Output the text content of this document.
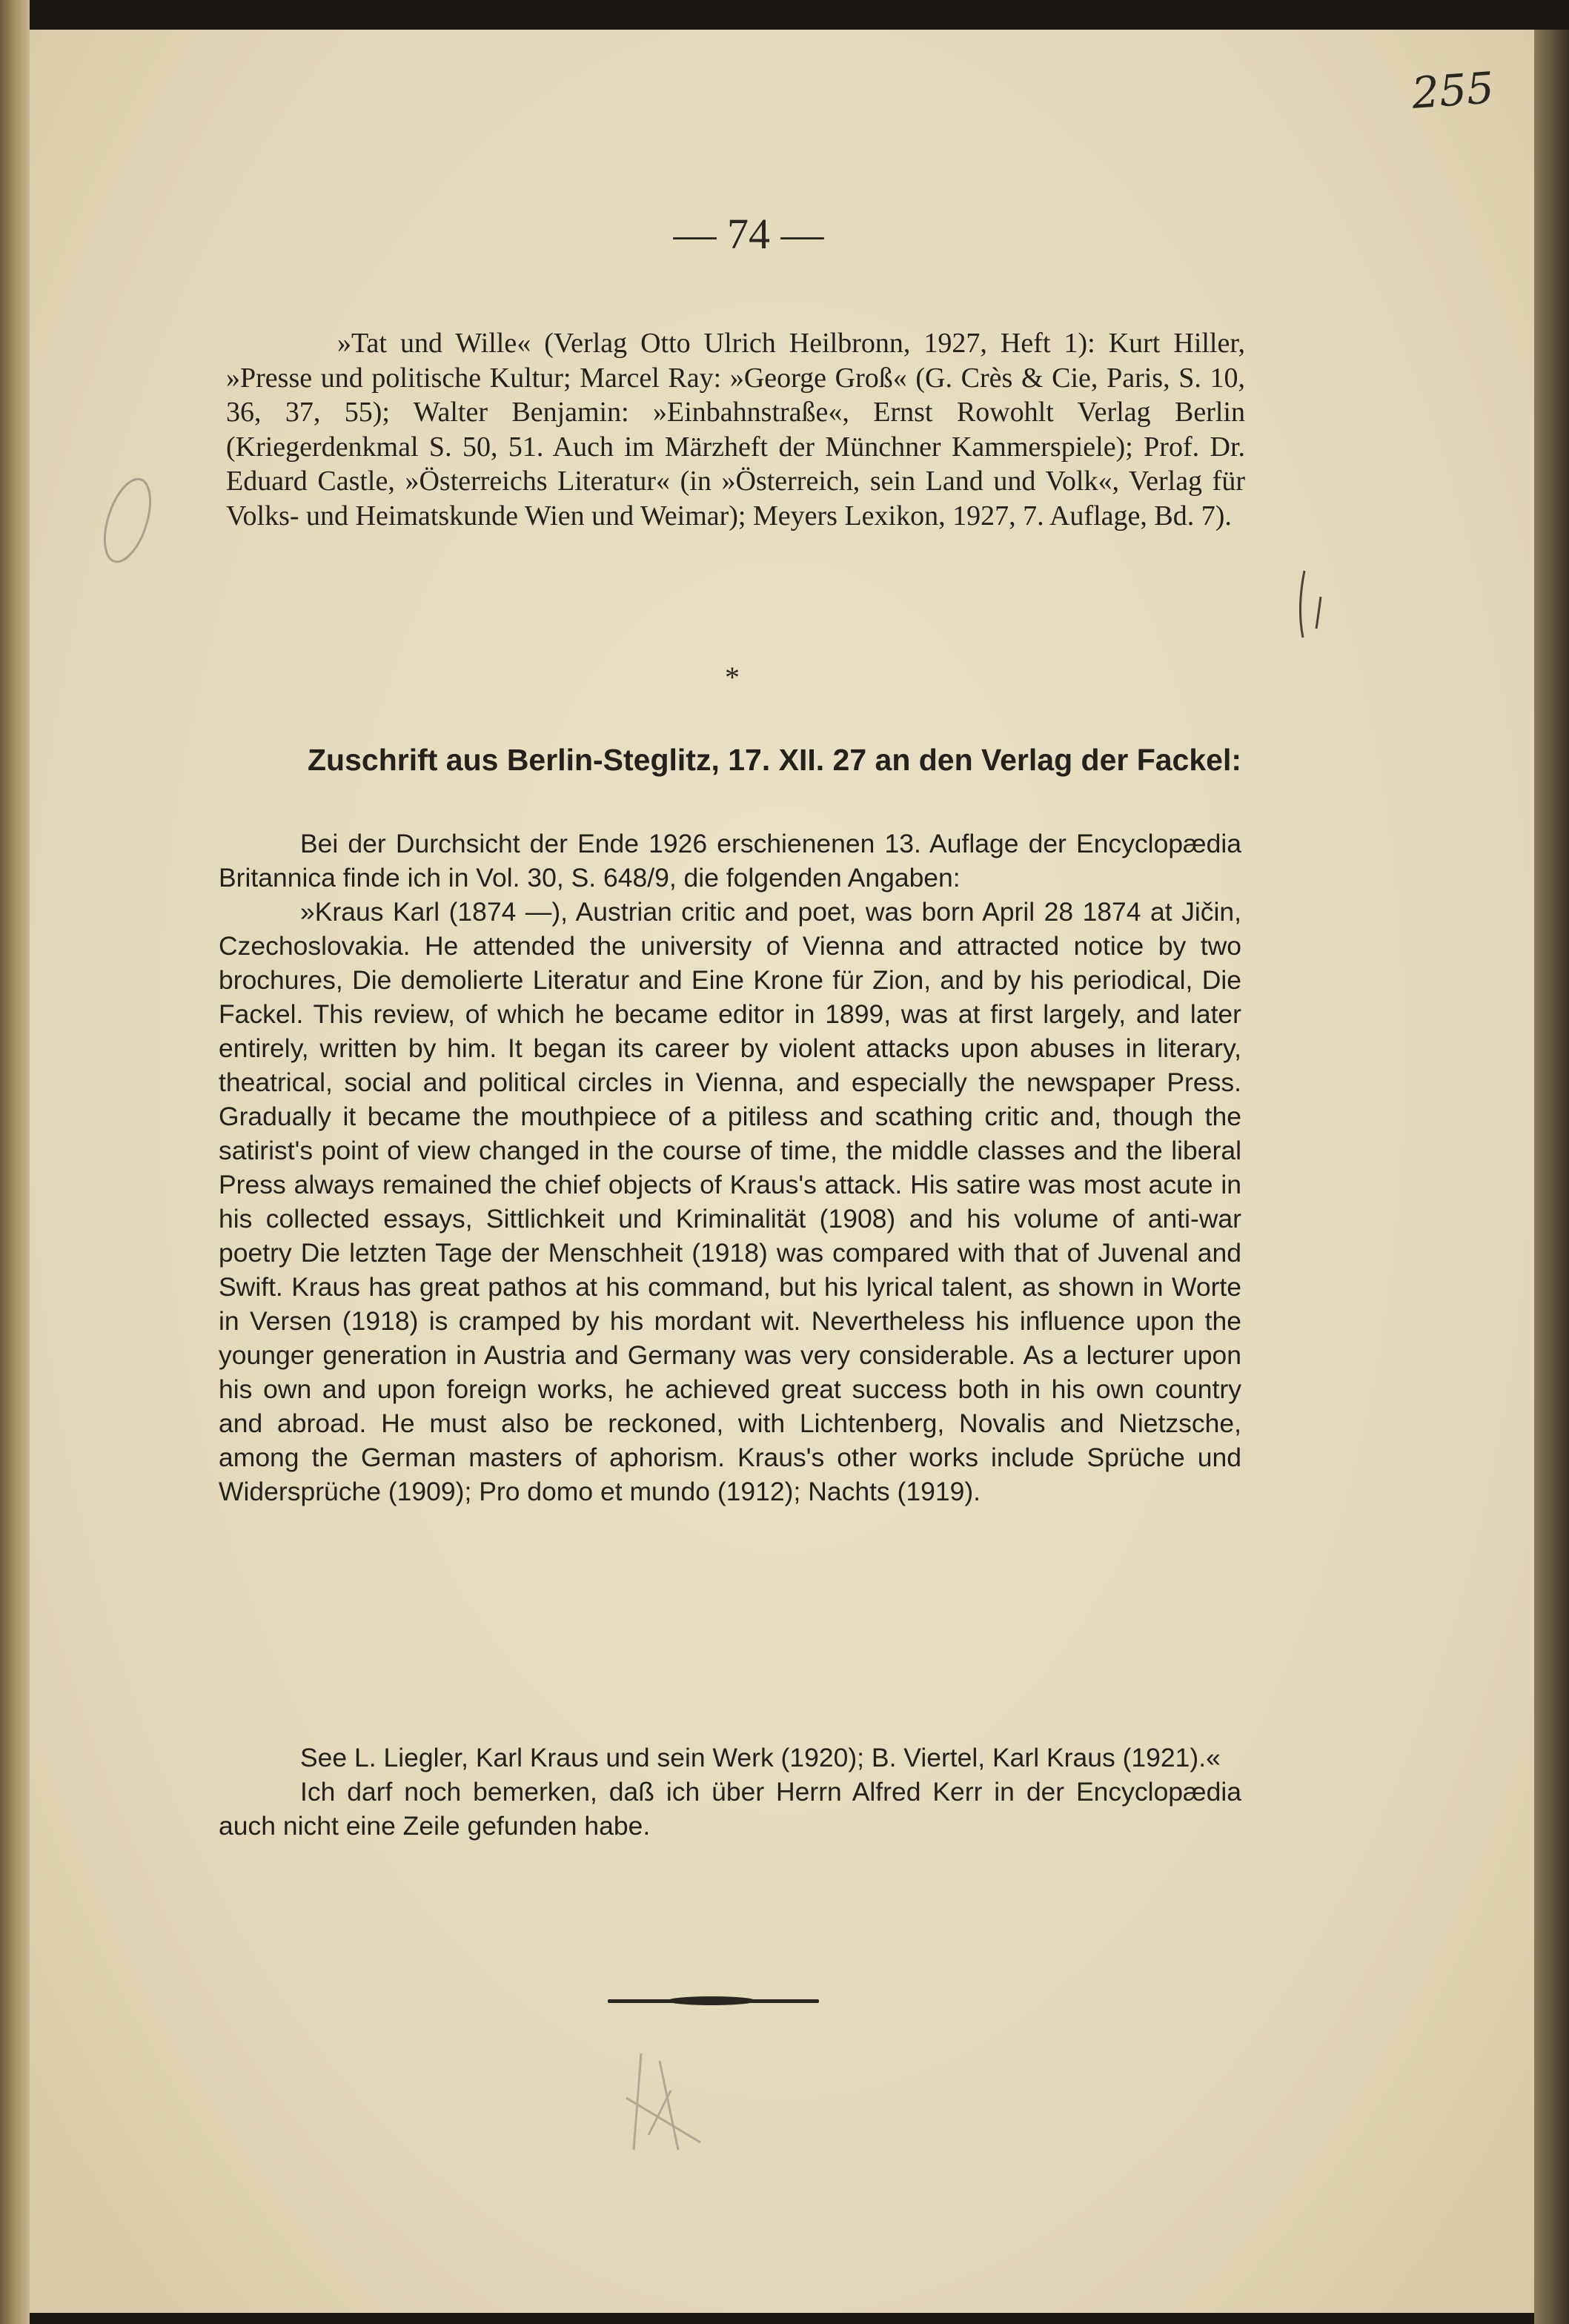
255
— 74 —

»Tat und Wille« (Verlag Otto Ulrich Heilbronn, 1927, Heft 1): Kurt Hiller, »Presse und politische Kultur; Marcel Ray: »George Groß« (G. Crès & Cie, Paris, S. 10, 36, 37, 55); Walter Benjamin: »Einbahnstraße«, Ernst Rowohlt Verlag Berlin (Kriegerdenkmal S. 50, 51. Auch im Märzheft der Münchner Kammerspiele); Prof. Dr. Eduard Castle, »Österreichs Literatur« (in »Österreich, sein Land und Volk«, Verlag für Volks- und Heimatskunde Wien und Weimar); Meyers Lexikon, 1927, 7. Auflage, Bd. 7).

*

Zuschrift aus Berlin-Steglitz, 17. XII. 27 an den Verlag der Fackel:

Bei der Durchsicht der Ende 1926 erschienenen 13. Auflage der Encyclopædia Britannica finde ich in Vol. 30, S. 648/9, die folgenden Angaben:

»Kraus Karl (1874 —), Austrian critic and poet, was born April 28 1874 at Jičin, Czechoslovakia. He attended the university of Vienna and attracted notice by two brochures, Die demolierte Literatur and Eine Krone für Zion, and by his periodical, Die Fackel. This review, of which he became editor in 1899, was at first largely, and later entirely, written by him. It began its career by violent attacks upon abuses in literary, theatrical, social and political circles in Vienna, and especially the newspaper Press. Gradually it became the mouthpiece of a pitiless and scathing critic and, though the satirist's point of view changed in the course of time, the middle classes and the liberal Press always remained the chief objects of Kraus's attack. His satire was most acute in his collected essays, Sittlichkeit und Kriminalität (1908) and his volume of anti-war poetry Die letzten Tage der Menschheit (1918) was compared with that of Juvenal and Swift. Kraus has great pathos at his command, but his lyrical talent, as shown in Worte in Versen (1918) is cramped by his mordant wit. Nevertheless his influence upon the younger generation in Austria and Germany was very considerable. As a lecturer upon his own and upon foreign works, he achieved great success both in his own country and abroad. He must also be reckoned, with Lichtenberg, Novalis and Nietzsche, among the German masters of aphorism. Kraus's other works include Sprüche und Widersprüche (1909); Pro domo et mundo (1912); Nachts (1919).

See L. Liegler, Karl Kraus und sein Werk (1920); B. Viertel, Karl Kraus (1921).«

Ich darf noch bemerken, daß ich über Herrn Alfred Kerr in der Encyclopædia auch nicht eine Zeile gefunden habe.
